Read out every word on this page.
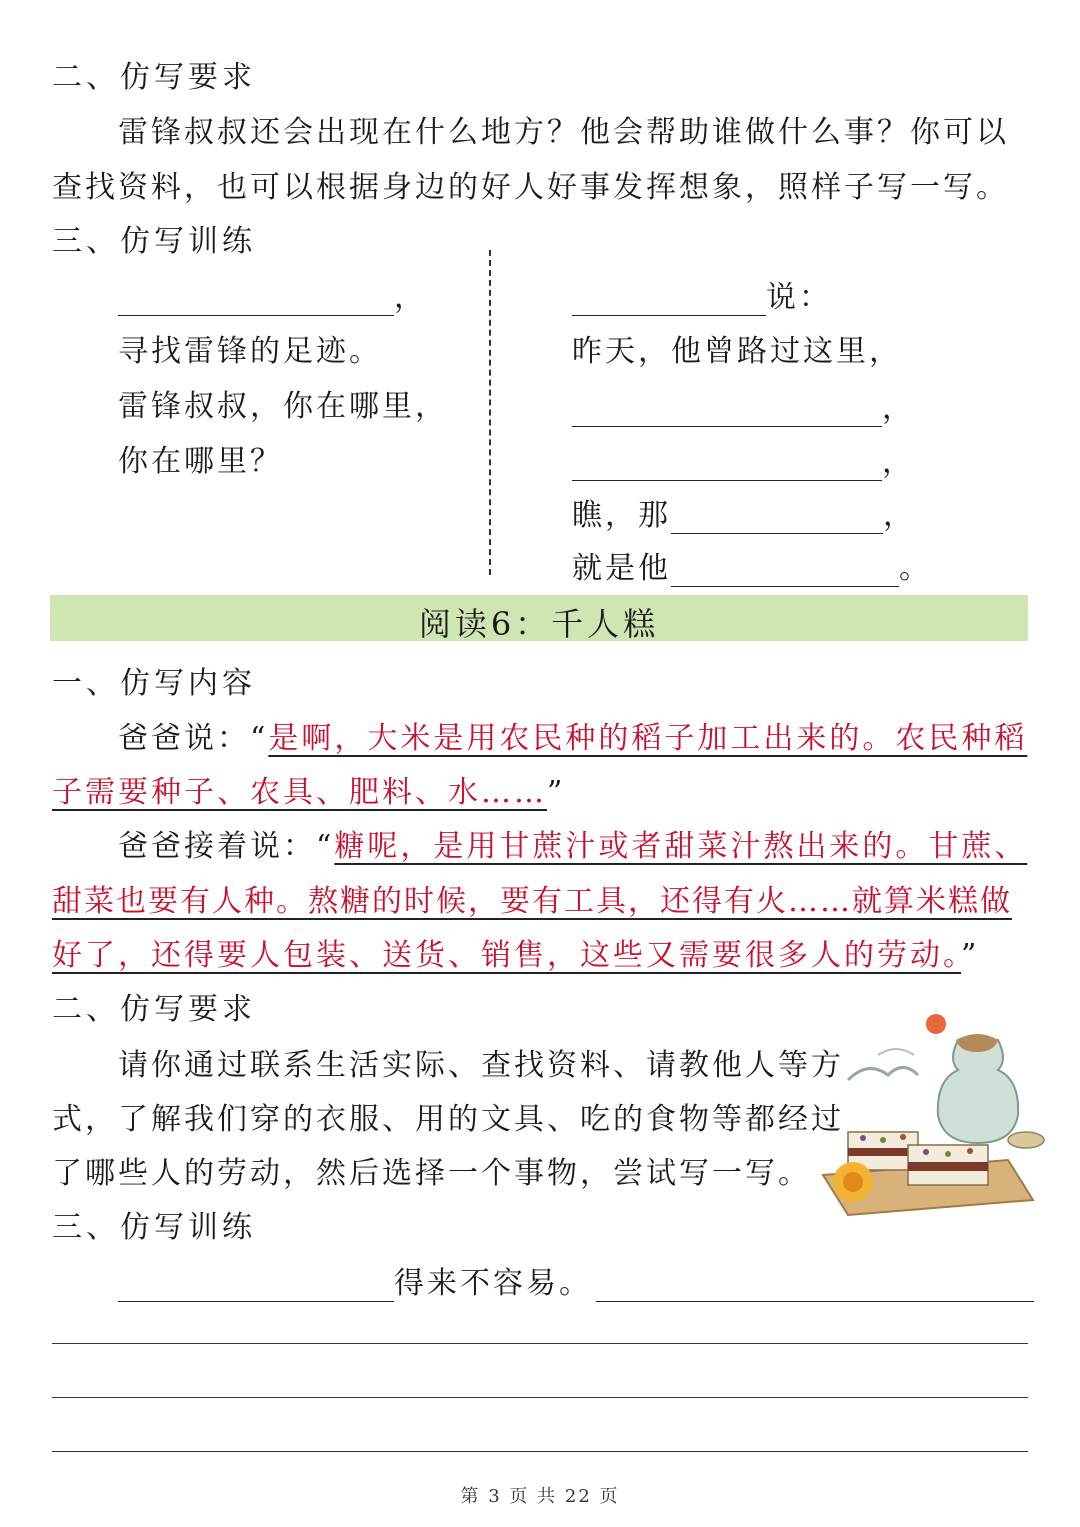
二、仿写要求
雷锋叔叔还会出现在什么地方？他会帮助谁做什么事？你可以
查找资料，也可以根据身边的好人好事发挥想象，照样子写一写。
三、仿写训练
，
寻找雷锋的足迹。
雷锋叔叔，你在哪里，
你在哪里？
说：
昨天，他曾路过这里，
，
，
瞧，那	，
就是他	。
阅读6：千人糕
一、仿写内容
爸爸说：“是啊，大米是用农民种的稻子加工出来的。农民种稻
子需要种子、农具、肥料、水……”
爸爸接着说：“糖呢，是用甘蔗汁或者甜菜汁熬出来的。甘蔗、
甜菜也要有人种。熬糖的时候，要有工具，还得有火……就算米糕做
好了，还得要人包装、送货、销售，这些又需要很多人的劳动。”
二、仿写要求
请你通过联系生活实际、查找资料、请教他人等方
式，了解我们穿的衣服、用的文具、吃的食物等都经过
了哪些人的劳动，然后选择一个事物，尝试写一写。
三、仿写训练
得来不容易。
第 3 页 共 22 页
